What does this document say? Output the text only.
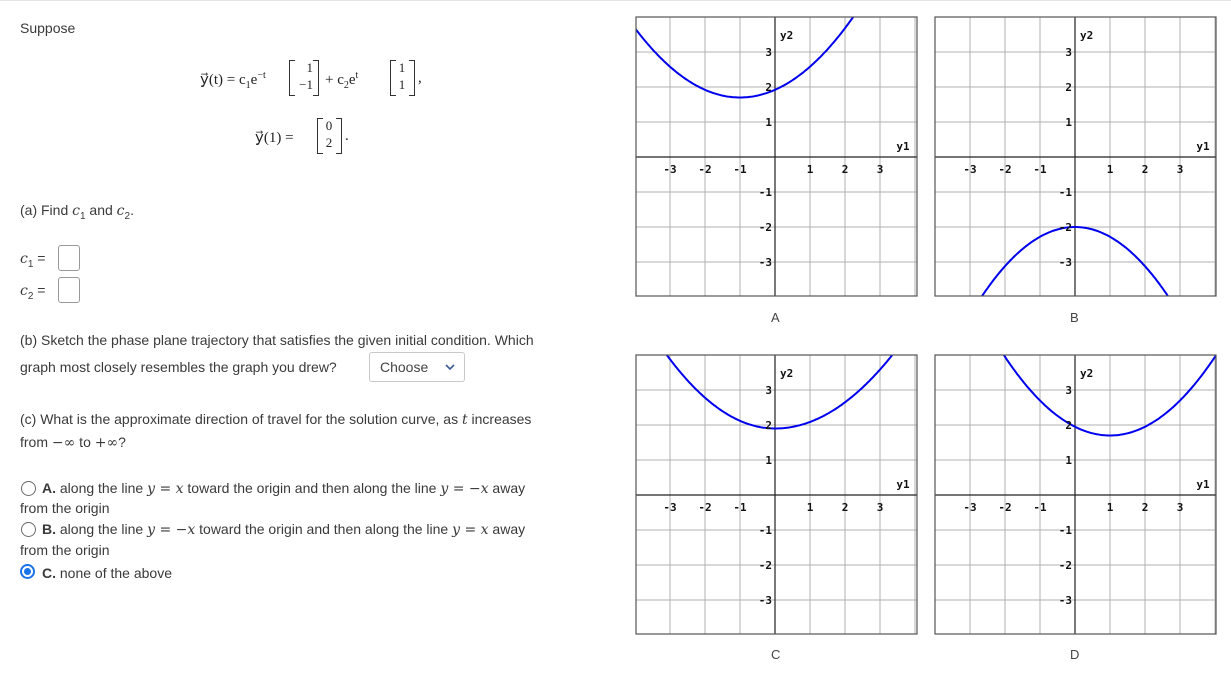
Suppose
y⃗(t) = $c_1e^{-t}$
1
$-1 + c_2e^t$
1
1 ,
y⃗(1) =
0
2 .
(a) Find $c_1$ and $c_2$.
$c_1$ =
$c_2$ =
(b) Sketch the phase plane trajectory that satisfies the given initial condition. Which
graph most closely resembles the graph you drew?	Choose
(c) What is the approximate direction of travel for the solution curve, as t increases
from −∞ to +∞?
A. along the line y = x toward the origin and then along the line y = −x away
from the origin
B. along the line y = −x toward the origin and then along the line y = x away
from the origin
C. none of the above
-3 -2 -1	1	2	3
3
2
1
-1
-2
-3
y1
y2
-3 -2 -1	1	2	3
3
2
1
-1
-2
-3
y1
y2
-3 -2 -1	1	2	3
3
2
1
-1
-2
-3
y1
y2
-3 -2 -1	1	2	3
3
2
1
-1
-2
-3
y1
y2
A	B
C	D
